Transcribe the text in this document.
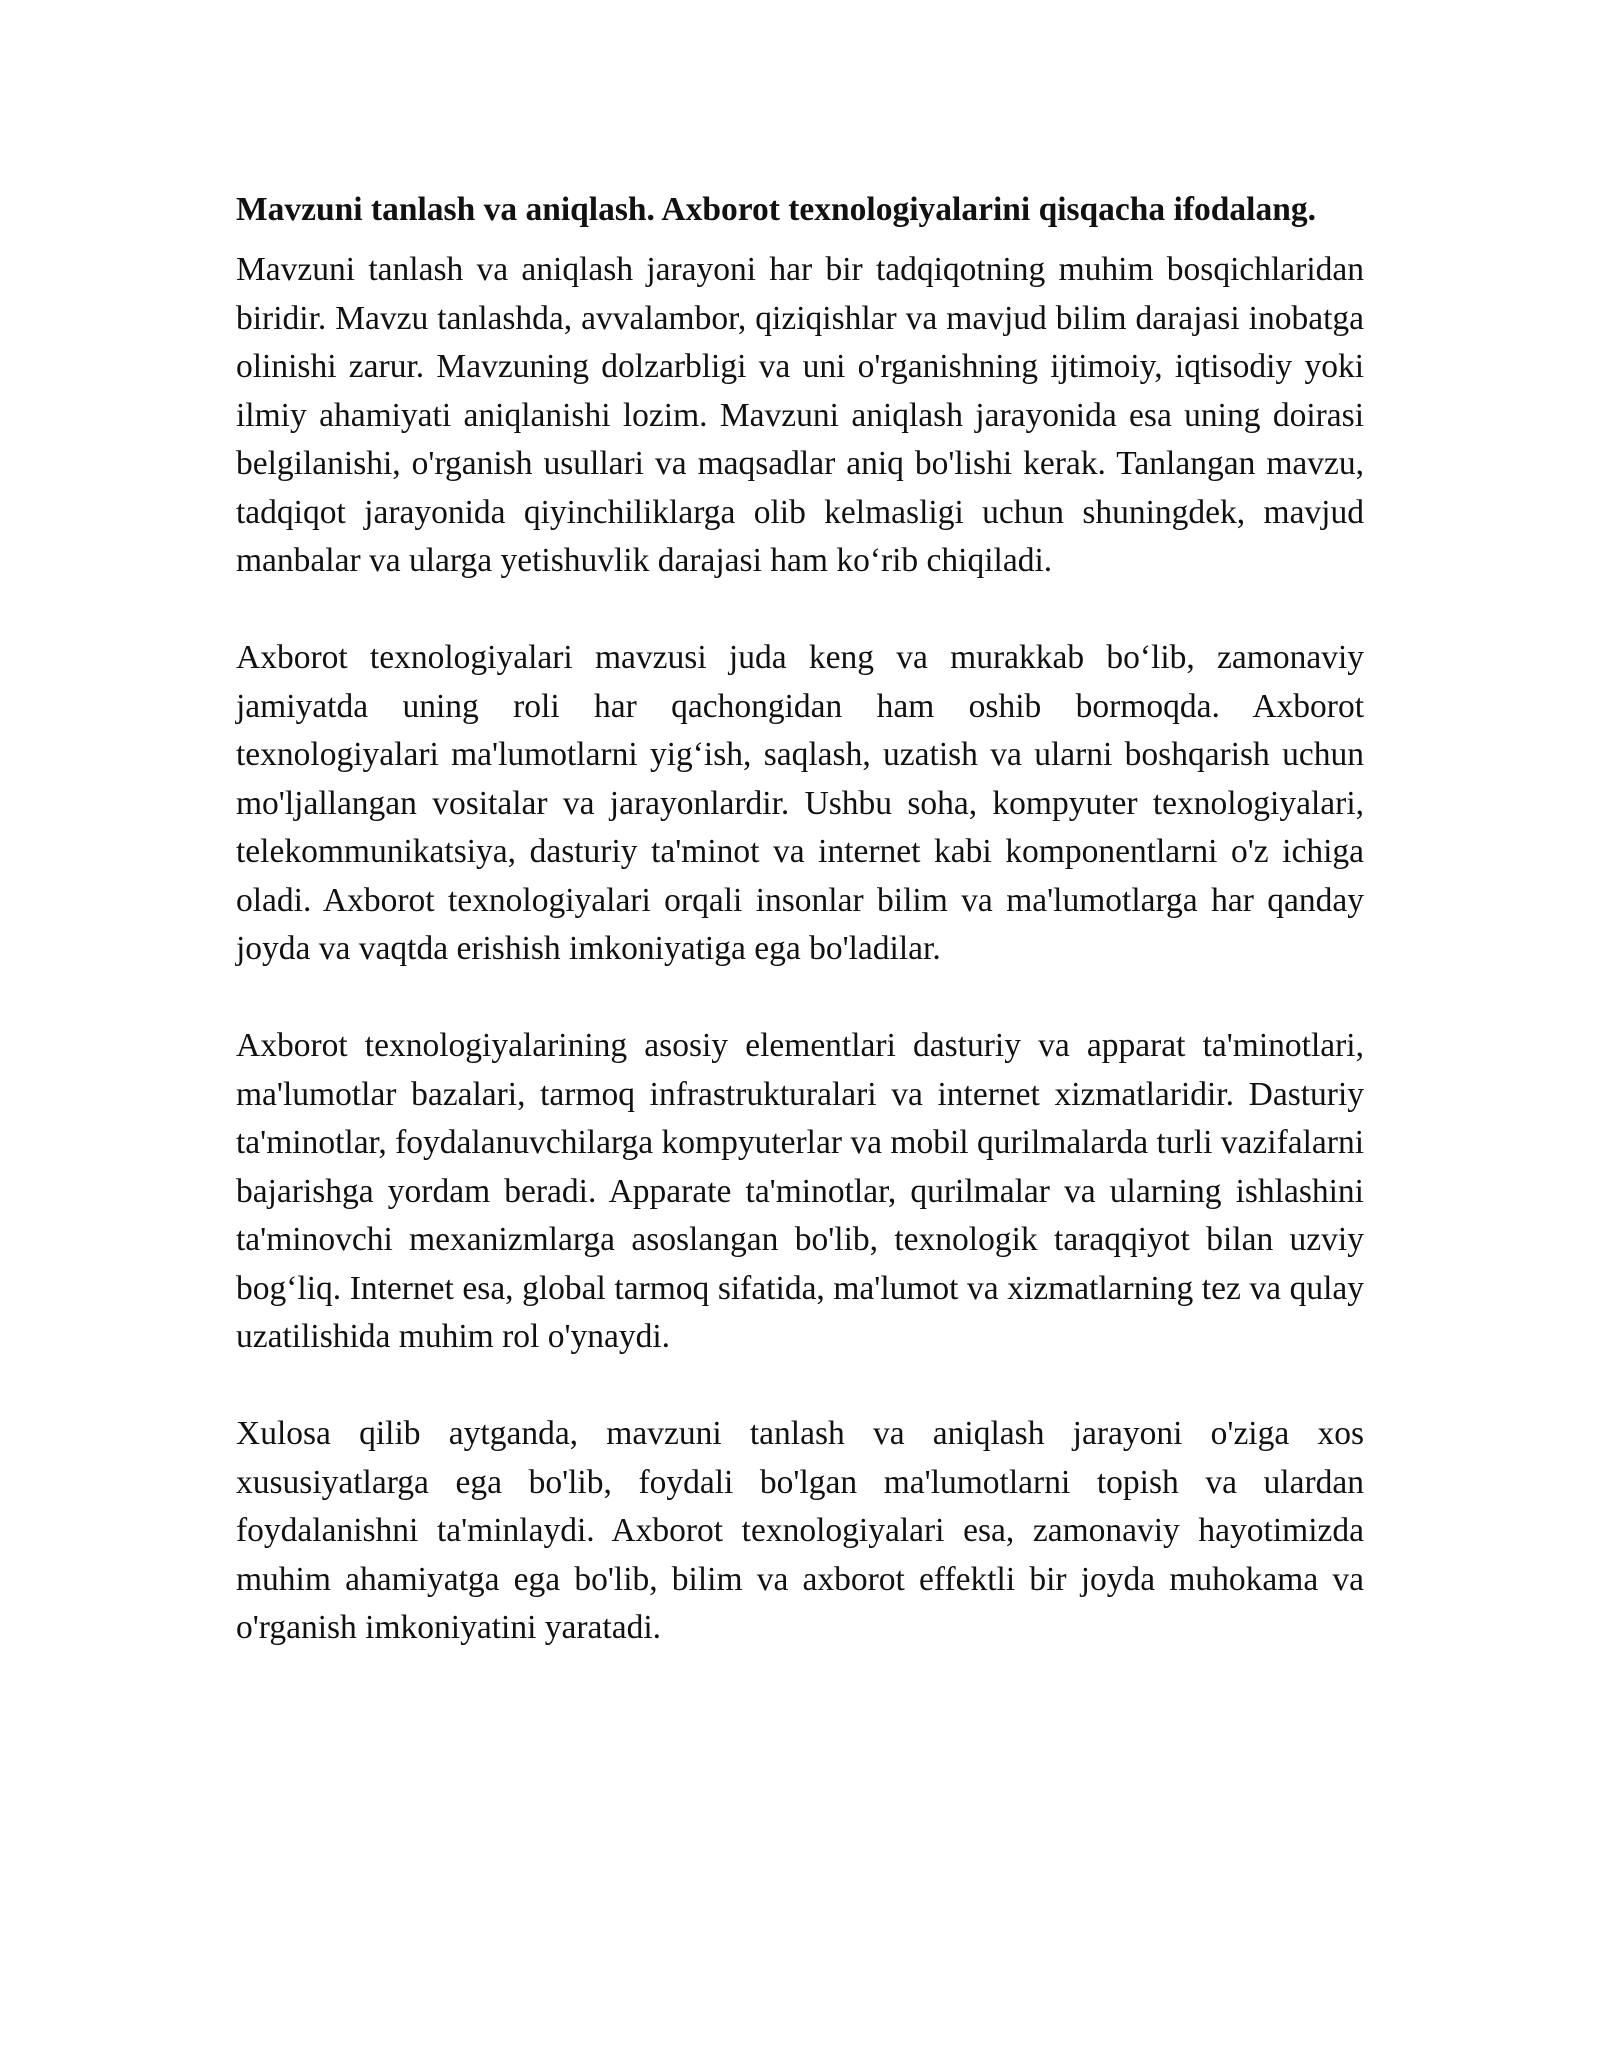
Mavzuni tanlash va aniqlash. Axborot texnologiyalarini qisqacha ifodalang.

Mavzuni tanlash va aniqlash jarayoni har bir tadqiqotning muhim bosqichlaridan biridir. Mavzu tanlashda, avvalambor, qiziqishlar va mavjud bilim darajasi inobatga olinishi zarur. Mavzuning dolzarbligi va uni o'rganishning ijtimoiy, iqtisodiy yoki ilmiy ahamiyati aniqlanishi lozim. Mavzuni aniqlash jarayonida esa uning doirasi belgilanishi, o'rganish usullari va maqsadlar aniq bo'lishi kerak. Tanlangan mavzu, tadqiqot jarayonida qiyinchiliklarga olib kelmasligi uchun shuningdek, mavjud manbalar va ularga yetishuvlik darajasi ham ko‘rib chiqiladi.

Axborot texnologiyalari mavzusi juda keng va murakkab bo‘lib, zamonaviy jamiyatda uning roli har qachongidan ham oshib bormoqda. Axborot texnologiyalari ma'lumotlarni yig‘ish, saqlash, uzatish va ularni boshqarish uchun mo'ljallangan vositalar va jarayonlardir. Ushbu soha, kompyuter texnologiyalari, telekommunikatsiya, dasturiy ta'minot va internet kabi komponentlarni o'z ichiga oladi. Axborot texnologiyalari orqali insonlar bilim va ma'lumotlarga har qanday joyda va vaqtda erishish imkoniyatiga ega bo'ladilar.

Axborot texnologiyalarining asosiy elementlari dasturiy va apparat ta'minotlari, ma'lumotlar bazalari, tarmoq infrastrukturalari va internet xizmatlaridir. Dasturiy ta'minotlar, foydalanuvchilarga kompyuterlar va mobil qurilmalarda turli vazifalarni bajarishga yordam beradi. Apparate ta'minotlar, qurilmalar va ularning ishlashini ta'minovchi mexanizmlarga asoslangan bo'lib, texnologik taraqqiyot bilan uzviy bog‘liq. Internet esa, global tarmoq sifatida, ma'lumot va xizmatlarning tez va qulay uzatilishida muhim rol o'ynaydi.

Xulosa qilib aytganda, mavzuni tanlash va aniqlash jarayoni o'ziga xos xususiyatlarga ega bo'lib, foydali bo'lgan ma'lumotlarni topish va ulardan foydalanishni ta'minlaydi. Axborot texnologiyalari esa, zamonaviy hayotimizda muhim ahamiyatga ega bo'lib, bilim va axborot effektli bir joyda muhokama va o'rganish imkoniyatini yaratadi.
